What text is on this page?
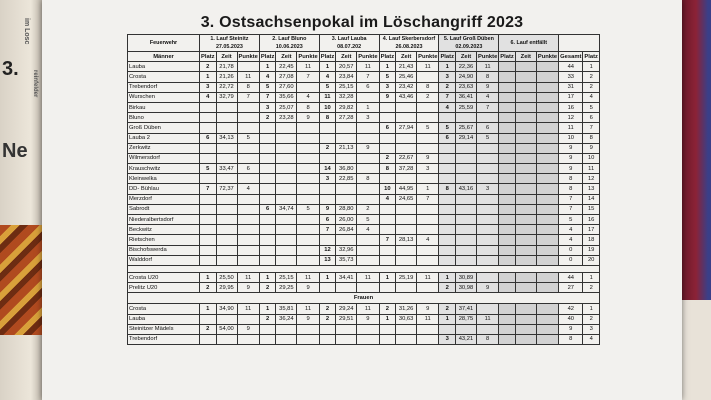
im Losc
3.
reinfelder
Ne
3. Ostsachsenpokal im Löschangriff 2023
Feuerwehr	1. Lauf Steinitz
27.05.2023			2. Lauf Bluno
10.06.2023			3. Lauf Lauba
08.07.202			4. Lauf Skerbersdorf
26.08.2023			5. Lauf Groß Düben
02.09.2023			6. Lauf entfällt			

Männer	Platz	Zeit	Punkte	Platz	Zeit	Punkte	Platz	Zeit	Punkte	Platz	Zeit	Punkte	Platz	Zeit	Punkte	Platz	Zeit	Punkte	Gesamt	Platz
Lauba	2	21,78		1	22,45	11	1	20,57	11	1	21,43	11	1	22,36	11				44	1
Crosta	1	21,26	11	4	27,08	7	4	23,84	7	5	25,46		3	24,90	8				33	2
Trebendorf	3	22,72	8	5	27,60		5	25,15	6	3	23,42	8	2	23,63	9				31	2
Wurschen	4	32,79	7	7	35,66	4	11	32,28		9	43,46	2	7	36,41	4				17	4
Birkau				3	25,07	8	10	29,82	1				4	25,59	7				16	5
Bluno				2	23,28	9	8	27,28	3										12	6
Groß Düben										6	27,94	5	5	25,67	6				11	7
Lauba 2	6	34,13	5										6	29,14	5				10	8
Zerkwitz							2	21,13	9										9	9
Wilmersdorf										2	22,67	9							9	10
Krauschwitz	5	33,47	6				14	36,80		8	37,28	3							9	11
Kleinwelka							3	22,85	8										8	12
DD- Bühlau	7	72,37	4							10	44,95	1	8	43,16	3				8	13
Merzdorf										4	24,65	7							7	14
Sabrodt				6	34,74	5	9	28,80	2										7	15
Niederalbertsdorf							6	26,00	5										5	16
Beckwitz							7	26,84	4										4	17
Rietschen										7	28,13	4							4	18
Bischofswerda							12	32,96											0	19
Walddorf							13	35,73											0	20

Crosta U20	1	25,50	11	1	25,15	11	1	34,41	11	1	25,19	11	1	30,89					44	1
Prelitz U20	2	29,95	9	2	29,25	9							2	30,98	9				27	2
Frauen																				
Crosta	1	34,90	11	1	35,81	11	2	29,24	11	2	31,26	9	2	37,41					42	1
Lauba				2	36,24	9	2	29,51	9	1	30,63	11	1	28,75	11				40	2
Steinitzer Mädels	2	54,00	9																9	3
Trebendorf													3	43,21	8				8	4
